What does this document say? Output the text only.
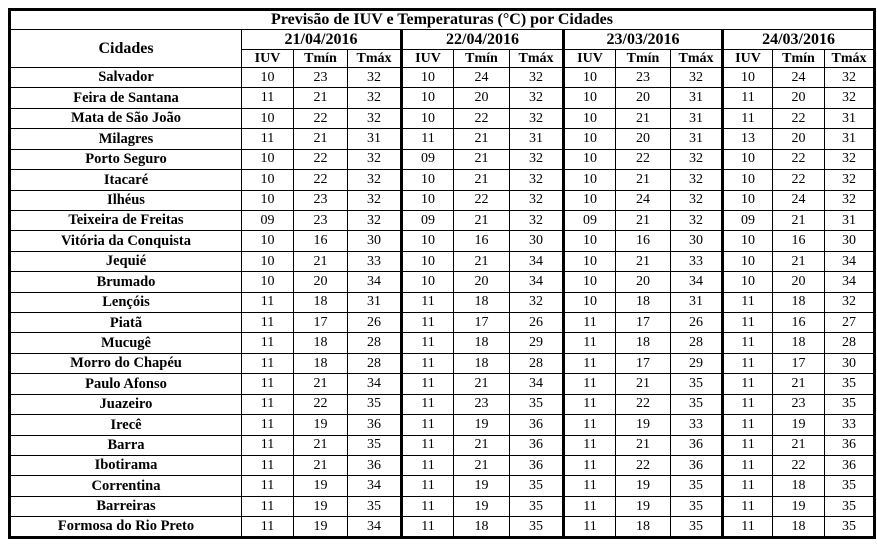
Previsão de IUV e Temperaturas (°C) por Cidades												
Cidades	21/04/2016			22/04/2016			23/03/2016			24/03/2016		
	IUV	Tmín	Tmáx	IUV	Tmín	Tmáx	IUV	Tmín	Tmáx	IUV	Tmín	Tmáx
Salvador	10	23	32	10	24	32	10	23	32	10	24	32
Feira de Santana	11	21	32	10	20	32	10	20	31	11	20	32
Mata de São João	10	22	32	10	22	32	10	21	31	11	22	31
Milagres	11	21	31	11	21	31	10	20	31	13	20	31
Porto Seguro	10	22	32	09	21	32	10	22	32	10	22	32
Itacaré	10	22	32	10	21	32	10	21	32	10	22	32
Ilhéus	10	23	32	10	22	32	10	24	32	10	24	32
Teixeira de Freitas	09	23	32	09	21	32	09	21	32	09	21	31
Vitória da Conquista	10	16	30	10	16	30	10	16	30	10	16	30
Jequié	10	21	33	10	21	34	10	21	33	10	21	34
Brumado	10	20	34	10	20	34	10	20	34	10	20	34
Lençóis	11	18	31	11	18	32	10	18	31	11	18	32
Piatã	11	17	26	11	17	26	11	17	26	11	16	27
Mucugê	11	18	28	11	18	29	11	18	28	11	18	28
Morro do Chapéu	11	18	28	11	18	28	11	17	29	11	17	30
Paulo Afonso	11	21	34	11	21	34	11	21	35	11	21	35
Juazeiro	11	22	35	11	23	35	11	22	35	11	23	35
Irecê	11	19	36	11	19	36	11	19	33	11	19	33
Barra	11	21	35	11	21	36	11	21	36	11	21	36
Ibotirama	11	21	36	11	21	36	11	22	36	11	22	36
Correntina	11	19	34	11	19	35	11	19	35	11	18	35
Barreiras	11	19	35	11	19	35	11	19	35	11	19	35
Formosa do Rio Preto	11	19	34	11	18	35	11	18	35	11	18	35
